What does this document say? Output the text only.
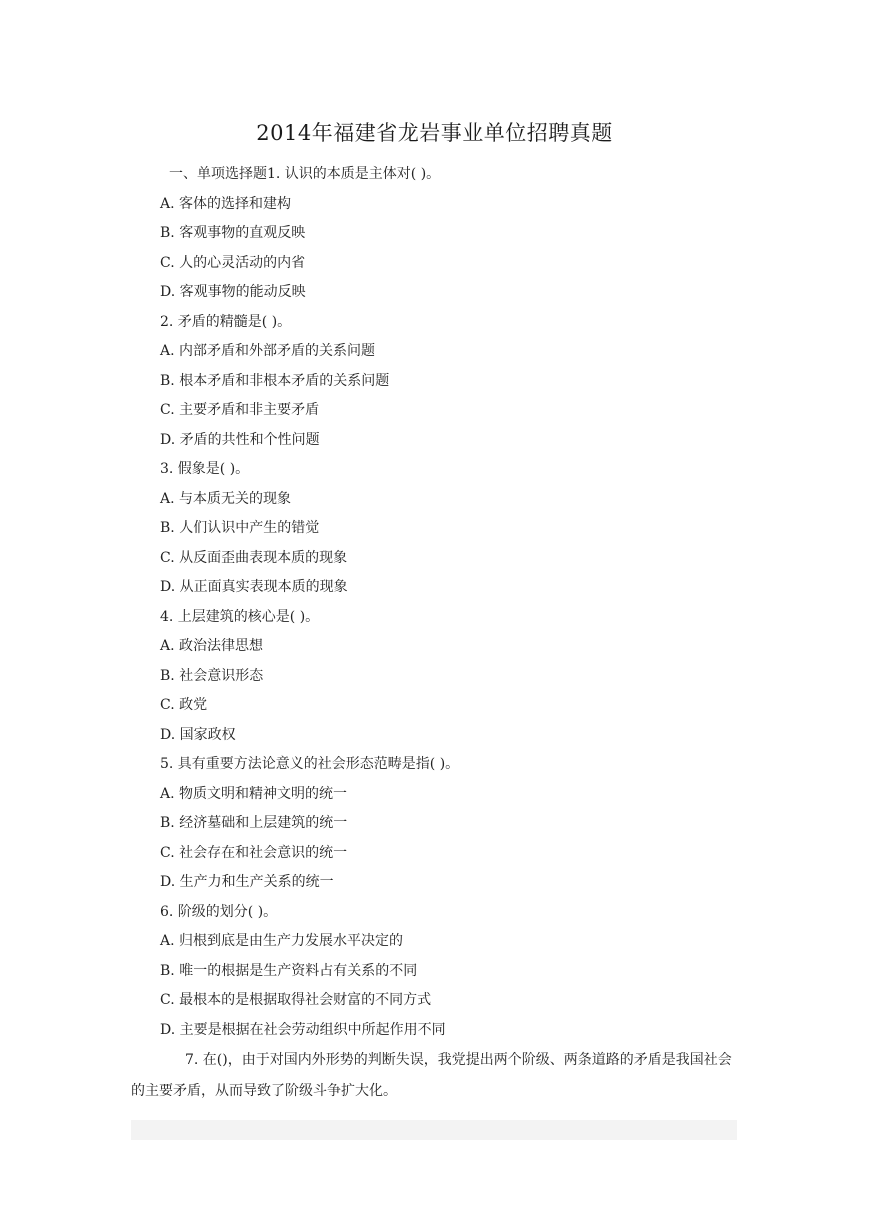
2014年福建省龙岩事业单位招聘真题
一、单项选择题1. 认识的本质是主体对( )。
A. 客体的选择和建构
B. 客观事物的直观反映
C. 人的心灵活动的内省
D. 客观事物的能动反映
2. 矛盾的精髓是( )。
A. 内部矛盾和外部矛盾的关系问题
B. 根本矛盾和非根本矛盾的关系问题
C. 主要矛盾和非主要矛盾
D. 矛盾的共性和个性问题
3. 假象是( )。
A. 与本质无关的现象
B. 人们认识中产生的错觉
C. 从反面歪曲表现本质的现象
D. 从正面真实表现本质的现象
4. 上层建筑的核心是( )。
A. 政治法律思想
B. 社会意识形态
C. 政党
D. 国家政权
5. 具有重要方法论意义的社会形态范畴是指( )。
A. 物质文明和精神文明的统一
B. 经济墓础和上层建筑的统一
C. 社会存在和社会意识的统一
D. 生产力和生产关系的统一
6. 阶级的划分( )。
A. 归根到底是由生产力发展水平决定的
B. 唯一的根据是生产资料占有关系的不同
C. 最根本的是根据取得社会财富的不同方式
D. 主要是根据在社会劳动组织中所起作用不同
7. 在()，由于对国内外形势的判断失误，我党提出两个阶级、两条道路的矛盾是我国社会的主要矛盾，从而导致了阶级斗争扩大化。
